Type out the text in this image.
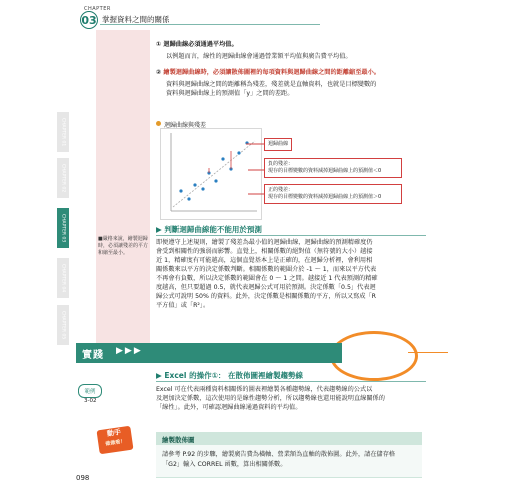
CHAPTER
03 掌握資料之間的關係
CHAPTER 01
CHAPTER 02
CHAPTER 03
CHAPTER 04
CHAPTER 05
■嚴格來說，繪製迴歸時，必須讓殘差的平方和縮至最小。
① 迴歸曲線必須通過平均值。
以例題而言，線性的迴歸曲線會通過營業額平均值與廣告費平均值。
② 繪製迴歸曲線時，必須讓散佈圖裡的每項資料與迴歸曲線之間的距離縮至最小。
資料與迴歸曲線之間的距離稱為殘差，殘差就是直軸資料，也就是目標變數的
資料與迴歸曲線上的預測值「y」之間的差距。
迴歸曲線與殘差
迴歸曲線
負的殘差：
現存的目標變數的資料減掉迴歸曲線上的預測值＜0
正的殘差：
現存的目標變數的資料減掉迴歸曲線上的預測值＞0
▶ 判斷迴歸曲線能不能用於預測
即便遵守上述規則，繪製了殘差為最小值的迴歸曲線，迴歸曲線的預測精確度仍
會受到相關性的強弱而影響。直覺上，相關係數的絕對值（無符號的大小）越接
近 1，精確度有可能越高，這個直覺基本上是正確的，在迴歸分析裡，會利用相
關係數來以平方的決定係數判斷。相關係數的範圍介於 -1 ～ 1，而來以平方代表
不再會有負數，所以決定係數的範圍會在 0 ～ 1 之間。越接近 1 代表預測的精確
度越高，但只要超過 0.5，就代表迴歸公式可用於預測。決定係數「0.5」代表迴
歸公式可說明 50% 的資料。此外，決定係數是相關係數的平方，所以又寫成「R
平方值」或「R²」。
實踐 ▶▶▶
範例
3-02
▶ Excel 的操作①： 在散佈圖裡繪製趨勢線
Excel 可在代表兩種資料相關係的圖表裡繪製各種趨勢線，代表趨勢線的公式以
及迴加決定係數，這次使用的是線性趨勢分析，所以趨勢線也還用能說明直線關係的
「線性」。此外，可確認迴歸曲線通過資料的平均值。
動手
做做看！	繪製散佈圖
請參考 P.92 的步驟，繪製廣告費為橫軸、營業額為直軸的散佈圖。此外，請在儲存格
「G2」輸入 CORREL 函數，算出相關係數。
098
